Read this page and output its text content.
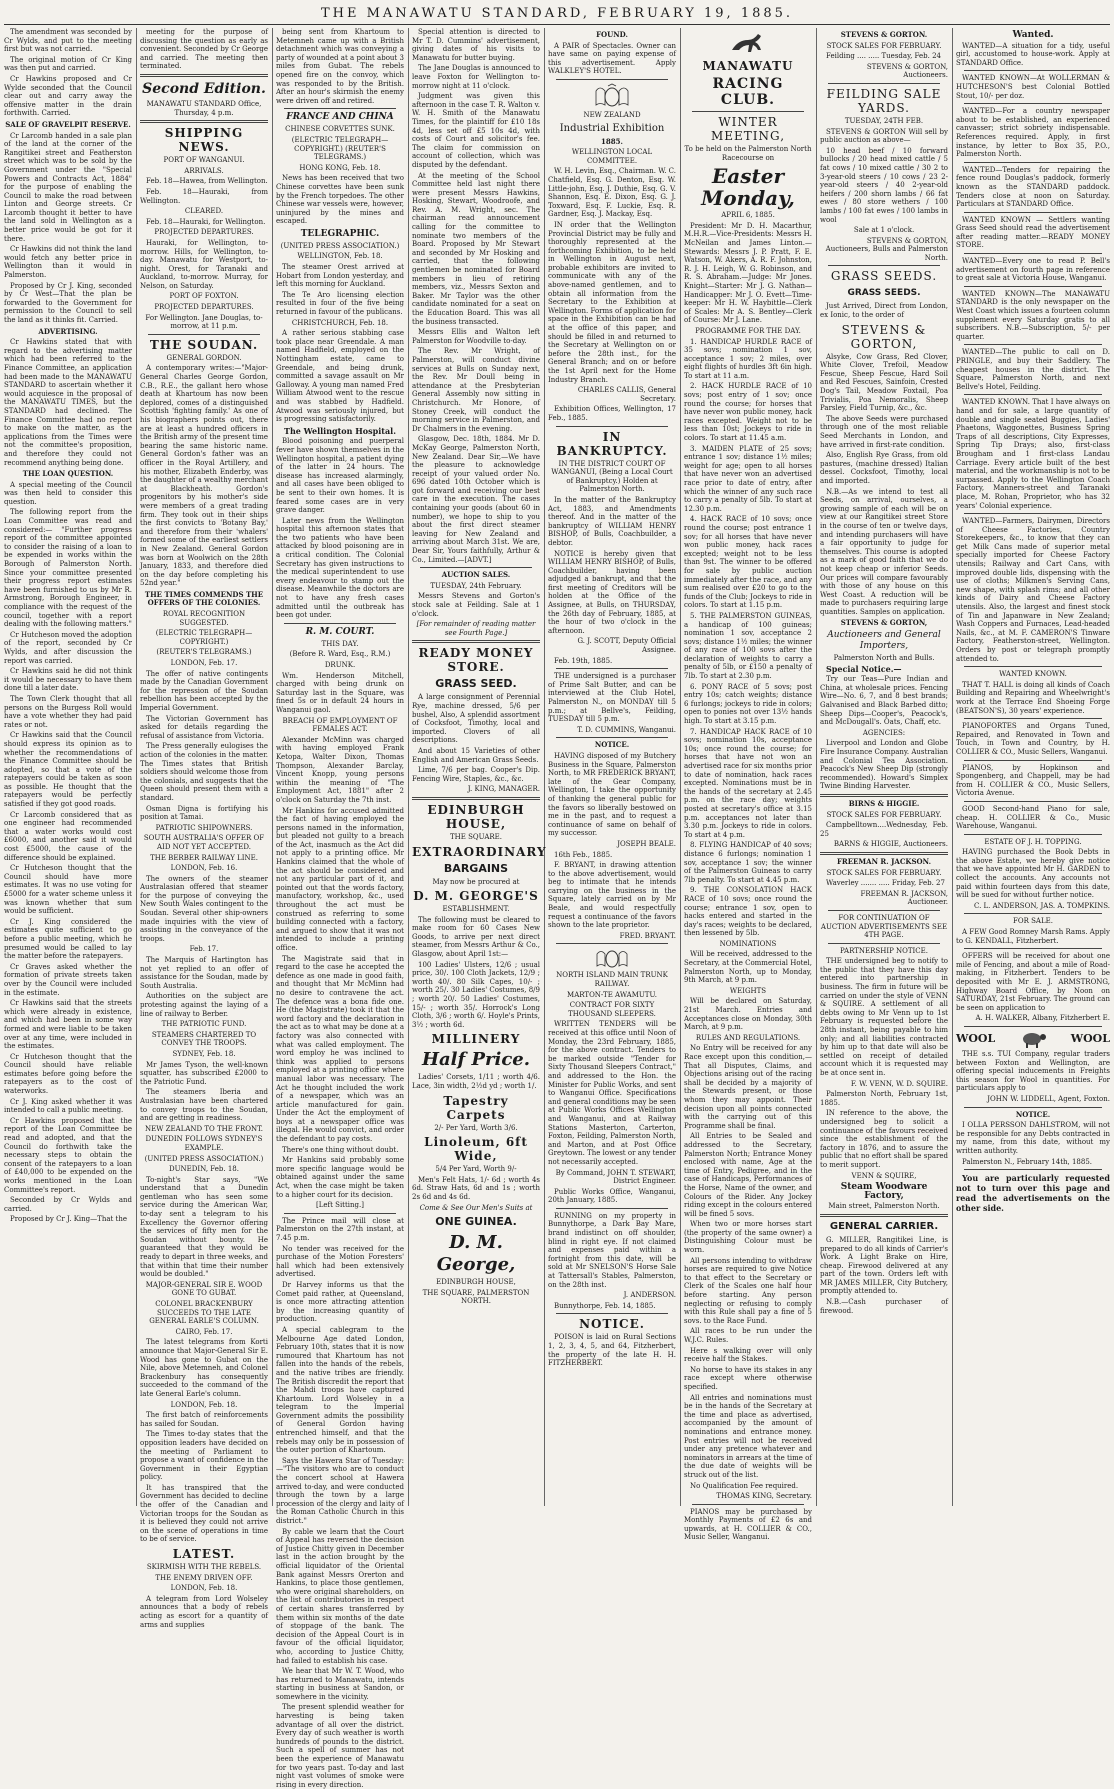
THE MANAWATU STANDARD, FEBRUARY 19, 1885.
The amendment was seconded by Cr Wylds, and put to the meeting first but was not carried.
The original motion of Cr King was then put and carried.
Cr Hawkins proposed and Cr Wylde seconded that the Council clear out and carry away the offensive matter in the drain forthwith. Carried.
SALE OF GRAVELPIT RESERVE.
Cr Larcomb handed in a sale plan of the land at the corner of the Rangitikei street and Featherston street which was to be sold by the Government under the "Special Powers and Contracts Act, 1884" for the purpose of enabling the Council to make the road between Linton and George streets. Cr Larcomb thought it better to have the land sold in Wellington as a better price would be got for it there.
Cr Hawkins did not think the land would fetch any better price in Wellington than it would in Palmerston.
Proposed by Cr J. King, seconded by Cr West—That the plan be forwarded to the Government for permission to the Council to sell the land as it thinks fit. Carried.
ADVERTISING.
Cr Hawkins stated that with regard to the advertising matter which had been referred to the Finance Committee, an application had been made to the MANAWATU STANDARD to ascertain whether it would acquiesce in the proposal of the MANAWATU TIMES, but the STANDARD had declined. The Finance Committee had no report to make on the matter, as the applications from the Times were not the committee's proposition, and therefore they could not recommend anything being done.
THE LOAN QUESTION.
A special meeting of the Council was then held to consider this question.
The following report from the Loan Committee was read and considered:— "Further progress report of the committee appointed to consider the raising of a loan to be expended in works within the Borough of Palmerston North. Since your committee presented their progress report estimates have been furnished to us by Mr R. Armstrong, Borough Engineer, in compliance with the request of the council, together with a report dealing with the following matters."
Cr Hutcheson moved the adoption of the report, seconded by Cr Wylds, and after discussion the report was carried.
Cr Hawkins said he did not think it would be necessary to have them done till a later date.
The Town Clerk thought that all persons on the Burgess Roll would have a vote whether they had paid rates or not.
Cr Hawkins said that the Council should express its opinion as to whether the recommendations of the Finance Committee should be adopted, so that a vote of the ratepayers could be taken as soon as possible. He thought that the ratepayers would be perfectly satisfied if they got good roads.
Cr Larcomb considered that as one engineer had recommended that a water works would cost £6000, and another said it would cost £5000, the cause of the difference should be explained.
Cr Hutcheson thought that the Council should have more estimates. It was no use voting for £5000 for a water scheme unless it was known whether that sum would be sufficient.
Cr J. King considered the estimates quite sufficient to go before a public meeting, which he presumed would be called to lay the matter before the ratepayers.
Cr Graves asked whether the formation of private streets taken over by the Council were included in the estimate.
Cr Hawkins said that the streets which were already in existence, and which had been in some way formed and were liable to be taken over at any time, were included in the estimates.
Cr Hutcheson thought that the Council should have reliable estimates before going before the ratepayers as to the cost of waterworks.
Cr J. King asked whether it was intended to call a public meeting.
Cr Hawkins proposed that the report of the Loan Committee be read and adopted, and that the Council do forthwith take the necessary steps to obtain the consent of the ratepayers to a loan of £40,000 to be expended on the works mentioned in the Loan Committee's report.
Seconded by Cr Wylds and carried.
Proposed by Cr J. King—That the
meeting for the purpose of discussing the question as early as convenient. Seconded by Cr George and carried. The meeting then terminated.
Second Edition.
MANAWATU STANDARD Office, Thursday, 4 p.m.
SHIPPING NEWS.
PORT OF WANGANUI.
ARRIVALS.
Feb. 18—Hawea, from Wellington.
Feb. 18—Hauraki, from Wellington.
CLEARED.
Feb. 18—Hauraki, for Wellington.
PROJECTED DEPARTURES.
Hauraki, for Wellington, to-morrow. Hills, for Wellington, to-day. Manawatu for Westport, to-night. Orest, for Taranaki and Auckland, to-morrow. Murray, for Nelson, on Saturday.
PORT OF FOXTON.
PROJECTED DEPARTURES.
For Wellington. Jane Douglas, to-morrow, at 11 p.m.
THE SOUDAN.
GENERAL GORDON.
A contemporary writes:—"Major-General Charles George Gordon, C.B., R.E., the gallant hero whose death at Khartoum has now been deplored, comes of a distinguished Scottish 'fighting family.' As one of his biographers points out, there are at least a hundred officers in the British army of the present time bearing the same historic name. General Gordon's father was an officer in the Royal Artillery, and his mother, Elizabeth Enderby, was the daughter of a wealthy merchant at Blackheath. Gordon's progenitors by his mother's side were members of a great trading firm. They took out in their ships the first convicts to 'Botany Bay,' and therefore from their 'whalers' formed some of the earliest settlers in New Zealand. General Gordon was born at Woolwich on the 28th January, 1833, and therefore died on the day before completing his 52nd year."
THE TIMES COMMENDS THE OFFERS OF THE COLONIES.
ROYAL RECOGNITION SUGGESTED.
(ELECTRIC TELEGRAPH—COPYRIGHT.)
(REUTER'S TELEGRAMS.)
LONDON, Feb. 17.
The offer of native contingents made by the Canadian Government for the repression of the Soudan rebellion has been accepted by the Imperial Government.
The Victorian Government has asked for details regarding the refusal of assistance from Victoria.
The Press generally eulogises the action of the colonies in the matter. The Times states that British soldiers should welcome those from the colonials, and suggests that the Queen should present them with a standard.
Osman Digna is fortifying his position at Tamai.
PATRIOTIC SHIPOWNERS.
SOUTH AUSTRALIA'S OFFER OF AID NOT YET ACCEPTED.
THE BERBER RAILWAY LINE.
LONDON, Feb. 16.
The owners of the steamer Australasian offered that steamer for the purpose of conveying the New South Wales contingent to the Soudan. Several other ship-owners made inquiries with the view of assisting in the conveyance of the troops.
Feb. 17.
The Marquis of Hartington has not yet replied to an offer of assistance for the Soudan, made by South Australia.
Authorities on the subject are protesting against the laying of a line of railway to Berber.
THE PATRIOTIC FUND.
STEAMERS CHARTERED TO CONVEY THE TROOPS.
SYDNEY, Feb. 18.
Mr James Tyson, the well-known squatter, has subscribed £2000 to the Patriotic Fund.
The steamers Iberia and Australasian have been chartered to convey troops to the Soudan, and are getting in readiness.
NEW ZEALAND TO THE FRONT.
DUNEDIN FOLLOWS SYDNEY'S EXAMPLE.
(UNITED PRESS ASSOCIATION.)
DUNEDIN, Feb. 18.
To-night's Star says, "We understand that a Dunedin gentleman who has seen some service during the American War, to-day sent a telegram to his Excellency the Governor offering the services of fifty men for the Soudan without bounty. He guaranteed that they would be ready to depart in three weeks, and that within that time their number would be doubled."
MAJOR-GENERAL SIR E. WOOD GONE TO GUBAT.
COLONEL BRACKENBURY SUCCEEDS TO THE LATE GENERAL EARLE'S COLUMN.
CAIRO, Feb. 17.
The latest telegrams from Korti announce that Major-General Sir E. Wood has gone to Gubat on the Nile, above Metemneh, and Colonel Brackenbury has consequently succeeded to the command of the late General Earle's column.
LONDON, Feb. 18.
The first batch of reinforcements has sailed for Soudan.
The Times to-day states that the opposition leaders have decided on the meeting of Parliament to propose a want of confidence in the Government in their Egyptian policy.
It has transpired that the Government has decided to decline the offer of the Canadian and Victorian troops for the Soudan as it is believed they could not arrive on the scene of operations in time to be of service.
LATEST.
SKIRMISH WITH THE REBELS.
THE ENEMY DRIVEN OFF.
LONDON, Feb. 18.
A telegram from Lord Wolseley announces that a body of rebels acting as escort for a quantity of arms and supplies
being sent from Khartoum to Metemneh came up with a British detachment which was conveying a party of wounded at a point about 3 miles from Gubat. The rebels opened fire on the convoy, which was responded to by the British. After an hour's skirmish the enemy were driven off and retired.
FRANCE AND CHINA
CHINESE CORVETTES SUNK.
(ELECTRIC TELEGRAPH—COPYRIGHT.) (REUTER'S TELEGRAMS.)
HONG KONG, Feb. 18.
News has been received that two Chinese corvettes have been sunk by the French torpedoes. The other Chinese war vessels were, however, uninjured by the mines and escaped.
TELEGRAPHIC.
(UNITED PRESS ASSOCIATION.)
WELLINGTON, Feb. 18.
The steamer Orest arrived at Hobart from London yesterday, and left this morning for Auckland.
The Te Aro licensing election resulted in four of the five being returned in favour of the publicans.
CHRISTCHURCH, Feb. 18.
A rather serious stabbing case took place near Greendale. A man named Hadfield, employed on the Nottingham estate, came to Greendale, and being drunk, committed a savage assault on Mr Galloway. A young man named Fred William Atwood went to the rescue and was stabbed by Hadfield. Atwood was seriously injured, but is progressing satisfactorily.
The Wellington Hospital.
Blood poisoning and puerperal fever have shown themselves in the Wellington hospital, a patient dying of the latter in 24 hours. The disease has increased alarmingly, and all cases have been obliged to be sent to their own homes. It is feared some cases are in very grave danger.
Later news from the Wellington hospital this afternoon states that the two patients who have been attacked by blood poisoning are in a critical condition. The Colonial Secretary has given instructions to the medical superintendent to use every endeavour to stamp out the disease. Meanwhile the doctors are not to have any fresh cases admitted until the outbreak has been got under.
R. M. COURT.
THIS DAY.
(Before R. Ward, Esq., R.M.)
DRUNK.
Wm. Henderson Mitchell, charged with being drunk on Saturday last in the Square, was fined 5s or in default 24 hours in Wanganui gaol.
BREACH OF EMPLOYMENT OF FEMALES ACT.
Alexander McMinn was charged with having employed Frank Ketopa, Walter Dixon, Thomas Thompson, Alexander Barclay, Vincent Knopp, young persons within the meaning of "The Employment Act, 1881" after 2 o'clock on Saturday the 7th inst.
Mr Hankins for accused admitted the fact of having employed the persons named in the information, but pleaded not guilty to a breach of the Act, inasmuch as the Act did not apply to a printing office. Mr Hankins claimed that the whole of the act should be considered and not any particular part of it, and pointed out that the words factory, manufactory, workshop, &c., used throughout the act must be construed as referring to some building connected with a factory, and argued to show that it was not intended to include a printing office.
The Magistrate said that in regard to the case he accepted the defence as one made in good faith, and thought that Mr McMinn had no desire to contravene the act. The defence was a bona fide one. He (the Magistrate) took it that the word factory and the declaration in the act as to what may be done at a factory was also connected with what was called employment. The word employ he was inclined to think was applied to persons employed at a printing office where manual labor was necessary. The Act he thought included the work of a newspaper, which was an article manufactured for gain. Under the Act the employment of boys at a newspaper office was illegal. He would convict, and order the defendant to pay costs.
There's one thing without doubt.
Mr Hankins said probably some more specific language would be obtained against under the same Act, when the case might be taken to a higher court for its decision.
[Left Sitting.]
The Prince mail will close at Palmerston on the 27th instant, at 7.45 p.m.
No tender was received for the purchase of the Motion Foresters' hall which had been extensively advertised.
Dr Harvey informs us that the Comet paid rather, at Queensland, is once more attracting attention by the increasing quantity of production.
A special cablegram to the Melbourne Age dated London, February 10th, states that it is now rumoured that Khartoum has not fallen into the hands of the rebels, and the native tribes are friendly. The British discredit the report that the Mahdi troops have captured Khartoum. Lord Wolseley in a telegram to the Imperial Government admits the possibility of General Gordon having entrenched himself, and that the rebels may only be in possession of the outer portion of Khartoum.
Says the Hawera Star of Tuesday:—"The visitors who are to conduct the concert school at Hawera arrived to-day, and were conducted through the town by a large procession of the clergy and laity of the Roman Catholic Church in this district."
By cable we learn that the Court of Appeal has reversed the decision of Justice Chitty given in December last in the action brought by the official liquidator of the Oriental Bank against Messrs Orerton and Hankins, to place those gentlemen, who were original shareholders, on the list of contributories in respect of certain shares transferred by them within six months of the date of stoppage of the bank. The decision of the Appeal Court is in favour of the official liquidator, who, according to Justice Chitty, had failed to establish his case.
We hear that Mr W. T. Wood, who has returned to Manawatu, intends starting in business at Sandon, or somewhere in the vicinity.
The present splendid weather for harvesting is being taken advantage of all over the district. Every day of such weather is worth hundreds of pounds to the district. Such a spell of summer has not been the experience of Manawatu for two years past. To-day and last night vast volumes of smoke were rising in every direction.
Special attention is directed to Mr T. D. Cummins' advertisement, giving dates of his visits to Manawatu for butter buying.
The Jane Douglas is announced to leave Foxton for Wellington to-morrow night at 11 o'clock.
Judgment was given this afternoon in the case T. R. Walton v. W. H. Smith of the Manawatu Times, for the plaintiff for £10 18s 4d, less set off £5 10s 4d, with costs of Court and solicitor's fee. The claim for commission on account of collection, which was disputed by the defendant.
At the meeting of the School Committee held last night there were present Messrs Hawkins, Hosking, Stewart, Woodroofe, and Rev. A. M. Wright, sec. The chairman read announcement calling for the committee to nominate two members of the Board. Proposed by Mr Stewart and seconded by Mr Hosking and carried, that the following gentlemen be nominated for Board members in lieu of retiring members, viz., Messrs Sexton and Baker. Mr Taylor was the other candidate nominated for a seat on the Education Board. This was all the business transacted.
Messrs Ellis and Walton left Palmerston for Woodville to-day.
The Rev. Mr Wright, of Palmerston, will conduct divine services at Bulls on Sunday next, the Rev. Mr Doull being in attendance at the Presbyterian General Assembly now sitting in Christchurch. Mr Honore, of Stoney Creek, will conduct the morning service in Palmerston, and Dr Chalmers in the evening.
Glasgow, Dec. 18th, 1884. Mr D. McKay George, Palmerston North, New Zealand. Dear Sir,—We have the pleasure to acknowledge receipt of your valued order No. 696 dated 10th October which is got forward and receiving our best care in the execution. The cases containing your goods (about 60 in number), we hope to ship to you about the first direct steamer leaving for New Zealand and arriving about March 31st. We are, Dear Sir, Yours faithfully, Arthur & Co., Limited.—[ADVT.]
AUCTION SALES.
TUESDAY, 24th February.
Messrs Stevens and Gorton's stock sale at Feilding. Sale at 1 o'clock.
[For remainder of reading matter see Fourth Page.]
READY MONEY STORE.
GRASS SEED.
A large consignment of Perennial Rye, machine dressed, 5/6 per bushel, Also, A splendid assortment of Cocksfoot, Timothy, local and imported. Clovers of all descriptions.
And about 15 Varieties of other English and American Grass Seeds.
Lime, 7/6 per bag. Cooper's Dip. Fencing Wire, Staples, &c., &c.
J. KING, MANAGER.
EDINBURGH HOUSE,
THE SQUARE.
EXTRAORDINARY
BARGAINS
May now be procured at
D. M. GEORGE'S
ESTABLISHMENT.
The following must be cleared to make room for 60 Cases New Goods, to arrive per next direct steamer, from Messrs Arthur & Co., Glasgow, about April 1st:—
100 Ladies' Ulsters, 12/6 ; usual price, 30/. 100 Cloth Jackets, 12/9 ; worth 40/. 80 Silk Capes, 10/- ; worth 25/. 30 Ladies' Costumes, 8/9 ; worth 20/. 50 Ladies' Costumes, 15/- ; worth 35/. Horrock's Long Cloth, 3/6 ; worth 6/. Hoyle's Prints, 3½ ; worth 6d.
MILLINERY
Half Price.
Ladies' Corsets, 1/11 ; worth 4/6. Lace, 3in width, 2½d yd ; worth 1/.
Tapestry Carpets
2/- Per Yard, Worth 3/6.
Linoleum, 6ft Wide,
5/4 Per Yard, Worth 9/-
Men's Felt Hats, 1/- 6d ; worth 4s 6d. Straw Hats, 6d and 1s ; worth 2s 6d and 4s 6d.
Come & See Our Men's Suits at
ONE GUINEA.
D. M. George,
EDINBURGH HOUSE,
THE SQUARE, PALMERSTON NORTH.
FOUND.
A PAIR of Spectacles. Owner can have same on paying expense of this advertisement. Apply WALKLEY'S HOTEL.
NEW ZEALAND
Industrial Exhibition
1885.
WELLINGTON LOCAL COMMITTEE.
W. H. Levin, Esq., Chairman. W. C. Chatfield, Esq. G. Denton, Esq. W. Little-john, Esq. J. Duthie, Esq. G. V. Shannon, Esq. E. Dixon, Esq. G. J. Toxward, Esq. F. Luckie, Esq. R. Gardner, Esq. J. Mackay, Esq.
IN order that the Wellington Provincial District may be fully and thoroughly represented at the forthcoming Exhibition, to be held in Wellington in August next, probable exhibitors are invited to communicate with any of the above-named gentlemen, and to obtain all information from the Secretary to the Exhibition at Wellington. Forms of application for space in the Exhibition can be had at the office of this paper, and should be filled in and returned to the Secretary at Wellington on or before the 28th inst., for the General Branch; and on or before the 1st April next for the Home Industry Branch.
CHARLES CALLIS, General Secretary.
Exhibition Offices, Wellington, 17 Feb., 1885.
IN BANKRUPTCY.
IN THE DISTRICT COURT OF WANGANUI, (Being a Local Court of Bankruptcy.) Holden at Palmerston North.
In the matter of the Bankruptcy Act, 1883, and Amendments thereof. And in the matter of the bankruptcy of WILLIAM HENRY BISHOP, of Bulls, Coachbuilder, a debtor.
NOTICE is hereby given that WILLIAM HENRY BISHOP, of Bulls, Coachbuilder, having been adjudged a bankrupt, and that the first meeting of Creditors will be holden at the Office of the Assignee, at Bulls, on THURSDAY, the 26th day of February, 1885, at the hour of two o'clock in the afternoon.
G. J. SCOTT, Deputy Official Assignee.
Feb. 19th, 1885.
THE undersigned is a purchaser of Prime Salt Butter, and can be interviewed at the Club Hotel, Palmerston N., on MONDAY till 5 p.m.; at Bellve's, Feilding, TUESDAY till 5 p.m.
T. D. CUMMINS, Wanganui.
NOTICE.
HAVING disposed of my Butchery Business in the Square, Palmerston North, to MR FREDERICK BRYANT, late of the Gear Company, Wellington, I take the opportunity of thanking the general public for the favors so liberally bestowed on me in the past, and to request a continuance of same on behalf of my successor.
JOSEPH BEALE.
16th Feb., 1885.
F. BRYANT, in drawing attention to the above advertisement, would beg to intimate that he intends carrying on the business in the Square, lately carried on by Mr Beale, and would respectfully request a continuance of the favors shown to the late proprietor.
FRED. BRYANT.
NORTH ISLAND MAIN TRUNK RAILWAY.
MARTON-TE AWAMUTU.
CONTRACT FOR SIXTY THOUSAND SLEEPERS.
WRITTEN TENDERS will be received at this office until Noon of Monday, the 23rd February, 1885, for the above contract. Tenders to be marked outside "Tender for Sixty Thousand Sleepers Contract," and addressed to the Hon. the Minister for Public Works, and sent to Wanganui Office. Specifications and general conditions may be seen at Public Works Offices Wellington and Wanganui, and at Railway Stations Masterton, Carterton, Foxton, Feilding, Palmerston North, and Marton, and at Post Office Greytown. The lowest or any tender not necessarily accepted.
By Command, JOHN T. STEWART, District Engineer.
Public Works Office, Wanganui, 20th January, 1885.
RUNNING on my property in Bunnythorpe, a Dark Bay Mare, brand indistinct on off shoulder, blind in right eye. If not claimed and expenses paid within a fortnight from this date, will be sold at Mr SNELSON'S Horse Sale at Tattersall's Stables, Palmerston, on the 28th inst.
J. ANDERSON.
Bunnythorpe, Feb. 14, 1885.
NOTICE.
POISON is laid on Rural Sections 1, 2, 3, 4, 5, and 64, Fitzherbert, the property of the late H. H. FITZHERBERT.
MANAWATU
RACING CLUB.
WINTER MEETING,
To be held on the Palmerston North Racecourse on
Easter Monday,
APRIL 6, 1885.
President: Mr D. H. Macarthur, M.H.R.—Vice-Presidents: Messrs H. McNeilan and James Linton.—Stewards: Messrs J. P. Pratt, F. E. Watson, W. Akers, A. R. F. Johnston, R. J. H. Leigh, W. G. Robinson, and R. S. Abraham.—Judge: Mr Jones. Knight—Starter: Mr J. G. Nathan—Handicapper: Mr J. O. Evett—Time-keeper: Mr H. W. Haybittle—Clerk of Scales: Mr A. S. Bentley—Clerk of Course: Mr J. Lane.
PROGRAMME FOR THE DAY.
1. HANDICAP HURDLE RACE of 35 sovs; nomination 1 sov, acceptance 1 sov; 2 miles, over eight flights of hurdles 3ft 6in high. To start at 11 a.m.
2. HACK HURDLE RACE of 10 sovs; post entry of 1 sov; once round the course; for horses that have never won public money, hack races excepted. Weight not to be less than 10st; Jockeys to ride in colors. To start at 11.45 a.m.
3. MAIDEN PLATE of 25 sovs; entrance 1 sov; distance 1½ miles; weight for age; open to all horses that have never won an advertised race prior to date of entry, after which the winner of any such race to carry a penalty of 5lb. To start at 12.30 p.m.
4. HACK RACE of 10 sovs; once round the course; post entrance 1 sov; for all horses that have never won public money, hack races excepted; weight not to be less than 9st. The winner to be offered for sale by public auction immediately after the race, and any sum realised over £20 to go to the funds of the Club; Jockeys to ride in colors. To start at 1.15 p.m.
5. THE PALMERSTON GUINEAS, a handicap of 100 guineas; nomination 1 sov, acceptance 2 sovs; distance 1½ miles; the winner of any race of 100 sovs after the declaration of weights to carry a penalty of 5lb, or £150 a penalty of 7lb. To start at 2.30 p.m.
6. PONY RACE of 5 sovs; post entry 10s; catch weights; distance 6 furlongs; jockeys to ride in colors; open to ponies not over 13½ hands high. To start at 3.15 p.m.
7. HANDICAP HACK RACE of 10 sovs; nomination 10s, acceptance 10s; once round the course; for horses that have not won an advertised race for six months prior to date of nomination, hack races excepted. Nominations must be in the hands of the secretary at 2.45 p.m. on the race day; weights posted at secretary's office at 3.15 p.m. acceptances not later than 3.30 p.m. Jockeys to ride in colors. To start at 4 p.m.
8. FLYING HANDICAP of 40 sovs; distance 6 furlongs; nomination 1 sov, acceptance 1 sov; the winner of the Palmerston Guineas to carry 7lb penalty. To start at 4.45 p.m.
9. THE CONSOLATION HACK RACE of 10 sovs; once round the course; entrance 1 sov, open to hacks entered and started in the day's races; weights to be declared, then lessened by 5lb.
NOMINATIONS
Will be received, addressed to the Secretary, at the Commercial Hotel, Palmerston North, up to Monday, 9th March, at 9 p.m.
WEIGHTS
Will be declared on Saturday, 21st March. Entries and Acceptances close on Monday, 30th March, at 9 p.m.
RULES AND REGULATIONS.
No Entry will be received for any Race except upon this condition,—That all Disputes, Claims, and Objections arising out of the racing shall be decided by a majority of the Stewards present, or those whom they may appoint. Their decision upon all points connected with the carrying out of this Programme shall be final.
All Entries to be Sealed and addressed to the Secretary, Palmerston North; Entrance Money enclosed with name, Age at the time of Entry, Pedigree, and in the case of Handicaps, Performances of the Horse, Name of the owner, and Colours of the Rider. Any Jockey riding except in the colours entered will be fined 5 sovs.
When two or more horses start (the property of the same owner) a Distinguishing Colour must be worn.
All persons intending to withdraw horses are required to give Notice to that effect to the Secretary or Clerk of the Scales one half hour before starting. Any person neglecting or refusing to comply with this Rule shall pay a fine of 5 sovs. to the Race Fund.
All races to be run under the W.J.C. Rules.
Here s walking over will only receive half the Stakes.
No horse to have its stakes in any race except where otherwise specified.
All entries and nominations must be in the hands of the Secretary at the time and place as advertised, accompanied by the amount of nominations and entrance money. Post entries will not be received under any pretence whatever and nominators in arrears at the time of the due date of weights will be struck out of the list.
No Qualification Fee required.
THOMAS KING, Secretary.
PIANOS may be purchased by Monthly Payments of £2 6s and upwards, at H. COLLIER & CO., Music Seller, Wanganui.
STEVENS & GORTON.
STOCK SALES FOR FEBRUARY.
Feilding .... ..... Tuesday, Feb. 24
STEVENS & GORTON, Auctioneers.
FEILDING SALE YARDS.
TUESDAY, 24TH FEB.
STEVENS & GORTON Will sell by public auction as above—
10 head beef / 10 forward bullocks / 20 head mixed cattle / 5 fat cows / 10 mixed cattle / 30 2 to 3-year-old steers / 10 cows / 23 2-year-old steers / 40 2-year-old heifers / 200 shorn lambs / 66 fat ewes / 80 store wethers / 100 lambs / 100 fat ewes / 100 lambs in wool
Sale at 1 o'clock.
STEVENS & GORTON, Auctioneers, Bulls and Palmerston North.
GRASS SEEDS.
GRASS SEEDS.
Just Arrived, Direct from London, ex Ionic, to the order of
STEVENS & GORTON,
Alsyke, Cow Grass, Red Clover, White Clover, Trefoil, Meadow Fescue, Sheep Fescue, Hard Soil and Red Fescues, Sainfoin, Crested Dog's Tail, Meadow Foxtail, Poa Trivialis, Poa Nemoralis, Sheep Parsley, Field Turnip, &c., &c.
The above Seeds were purchased through one of the most reliable Seed Merchants in London, and have arrived in first-rate condition.
Also, English Rye Grass, from old pastures, (machine dressed) Italian dessel. Cocksfoot, Timothy, local and imported.
N.B.—As we intend to test all Seeds, on arrival, ourselves, a growing sample of each will be on view at our Rangitikei street Store in the course of ten or twelve days, and intending purchasers will have a fair opportunity to judge for themselves. This course is adopted as a mark of good faith that we do not keep cheap or inferior Seeds. Our prices will compare favourably with those of any house on this West Coast. A reduction will be made to purchasers requiring large quantities. Samples on application.
STEVENS & GORTON,
Auctioneers and General Importers,
Palmerston North and Bulls.
Special Notice.—
Try our Teas—Pure Indian and China, at wholesale prices. Fencing Wire—No. 6, 7, and 8 best brands; Galvanised and Black Barbed ditto; Sheep Dips—Cooper's, Peacock's, and McDougall's. Oats, Chaff, etc.
AGENCIES:
Liverpool and London and Globe Fire Insurance Company. Australian and Colonial Tea Association. Peacock's New Sheep Dip (strongly recommended). Howard's Simplex Twine Binding Harvester.
BIRNS & HIGGIE.
STOCK SALES FOR FEBRUARY.
Campbelltown....Wednesday, Feb. 25
BARNS & HIGGIE, Auctioneers.
FREEMAN R. JACKSON.
STOCK SALES FOR FEBRUARY.
Waverley ....... ..... Friday, Feb. 27
FREEMAN R. JACKSON, Auctioneer.
FOR CONTINUATION OF AUCTION ADVERTISEMENTS SEE 4TH PAGE.
PARTNERSHIP NOTICE.
THE undersigned beg to notify to the public that they have this day entered into partnership in business. The firm in future will be carried on under the style of VENN & SQUIRE. A settlement of all debts owing to Mr Venn up to 1st February is requested before the 28th instant, being payable to him only; and all liabilities contracted by him up to that date will also be settled on receipt of detailed account which it is requested may be at once sent in.
F. W. VENN, W. D. SQUIRE.
Palmerston North, February 1st, 1885.
IN reference to the above, the undersigned beg to solicit a continuance of the favours received since the establishment of the factory in 1876, and to assure the public that no effort shall be spared to merit support.
VENN & SQUIRE,
Steam Woodware Factory,
Main street, Palmerston North.
GENERAL CARRIER.
G. MILLER, Rangitikei Line, is prepared to do all kinds of Carrier's Work. A Light Brake on Hire, cheap. Firewood delivered at any part of the town. Orders left with MR JAMES MILLER, City Butchery, promptly attended to.
N.B.—Cash purchaser of firewood.
Wanted.
WANTED—A situation for a tidy, useful girl, accustomed to house-work. Apply at STANDARD Office.
WANTED KNOWN—At WOLLERMAN & HUTCHESON'S best Colonial Bottled Stout, 10/- per doz.
WANTED—For a country newspaper about to be established, an experienced canvasser; strict sobriety indispensable. References required. Apply, in first instance, by letter to Box 35, P.O., Palmerston North.
WANTED—Tenders for repairing the fence round Douglas's paddock, formerly known as the STANDARD paddock. Tenders close at noon on Saturday. Particulars at STANDARD Office.
WANTED KNOWN — Settlers wanting Grass Seed should read the advertisement after reading matter.—READY MONEY STORE.
WANTED—Every one to read P. Bell's advertisement on fourth page in reference to great sale at Victoria House, Wanganui.
WANTED KNOWN—The MANAWATU STANDARD is the only newspaper on the West Coast which issues a fourteen column supplement every Saturday gratis to all subscribers. N.B.—Subscription, 5/- per quarter.
WANTED—The public to call on D. PRINGLE, and buy their Saddlery. The cheapest houses in the district. The Square, Palmerston North, and next Bellve's Hotel, Feilding.
WANTED KNOWN. That I have always on hand and for sale, a large quantity of double and single seated Buggies, Ladies' Phaetons, Waggonettes, Business Spring Traps of all descriptions, City Expresses, Spring Tip Drays; also, first-class Brougham and 1 first-class Landau Carriage. Every article built of the best material, and the workmanship is not to be surpassed. Apply to the Wellington Coach Factory, Manners-street and Taranaki place, M. Rohan, Proprietor, who has 32 years' Colonial experience.
WANTED—Farmers, Dairymen, Directors of Cheese Factories, Country Storekeepers, &c., to know that they can get Milk Cans made of superior metal specially imported for Cheese Factory utensils; Railway and Cart Cans, with improved double lids, dispensing with the use of cloths; Milkmen's Serving Cans, new shape, with splash rims; and all other kinds of Dairy and Cheese Factory utensils. Also, the largest and finest stock of Tin and Japanware in New Zealand; Wash Coppers and Furnaces, Lead-headed Nails, &c., at M. F. CAMERON'S Tinware Factory, Featherston-street, Wellington. Orders by post or telegraph promptly attended to.
WANTED KNOWN.
THAT T. HALL is doing all kinds of Coach Building and Repairing and Wheelwright's work at the Terrace End Shoeing Forge (BEATSON'S), 30 years' experience.
PIANOFORTES and Organs Tuned, Repaired, and Renovated in Town and Touch, in Town and Country, by H. COLLIER & CO., Music Sellers, Wanganui.
PIANOS, by Hopkinson and Spongenberg, and Chappell, may be had from H. COLLIER & CO., Music Sellers, Victoria Avenue.
GOOD Second-hand Piano for sale, cheap. H. COLLIER & Co., Music Warehouse, Wanganui.
ESTATE OF J. H. TOPPING.
HAVING purchased the Book Debts in the above Estate, we hereby give notice that we have appointed Mr H. GARDEN to collect the accounts. Any accounts not paid within fourteen days from this date, will be sued for without further notice.
C. L. ANDERSON, JAS. A. TOMPKINS.
FOR SALE.
A FEW Good Romney Marsh Rams. Apply to G. KENDALL, Fitzherbert.
OFFERS will be received for about one mile of Fencing, and about a mile of Road-making, in Fitzherbert. Tenders to be deposited with Mr E. J. ARMSTRONG, Highway Board Office, by Noon on SATURDAY, 21st February. The ground can be seen on application to
A. H. WALKER, Albany, Fitzherbert E.
WOOL	WOOL
THE s.s. TUI Company, regular traders between Foxton and Wellington, are offering special inducements in Freights this season for Wool in quantities. For particulars apply to
JOHN W. LIDDELL, Agent, Foxton.
NOTICE.
I OLLA PERSSON DAHLSTROM, will not be responsible for any Debts contracted in my name, from this date, without my written authority.
Palmerston N., February 14th, 1885.
You are particularly requested not to turn over this page and read the advertisements on the other side.
